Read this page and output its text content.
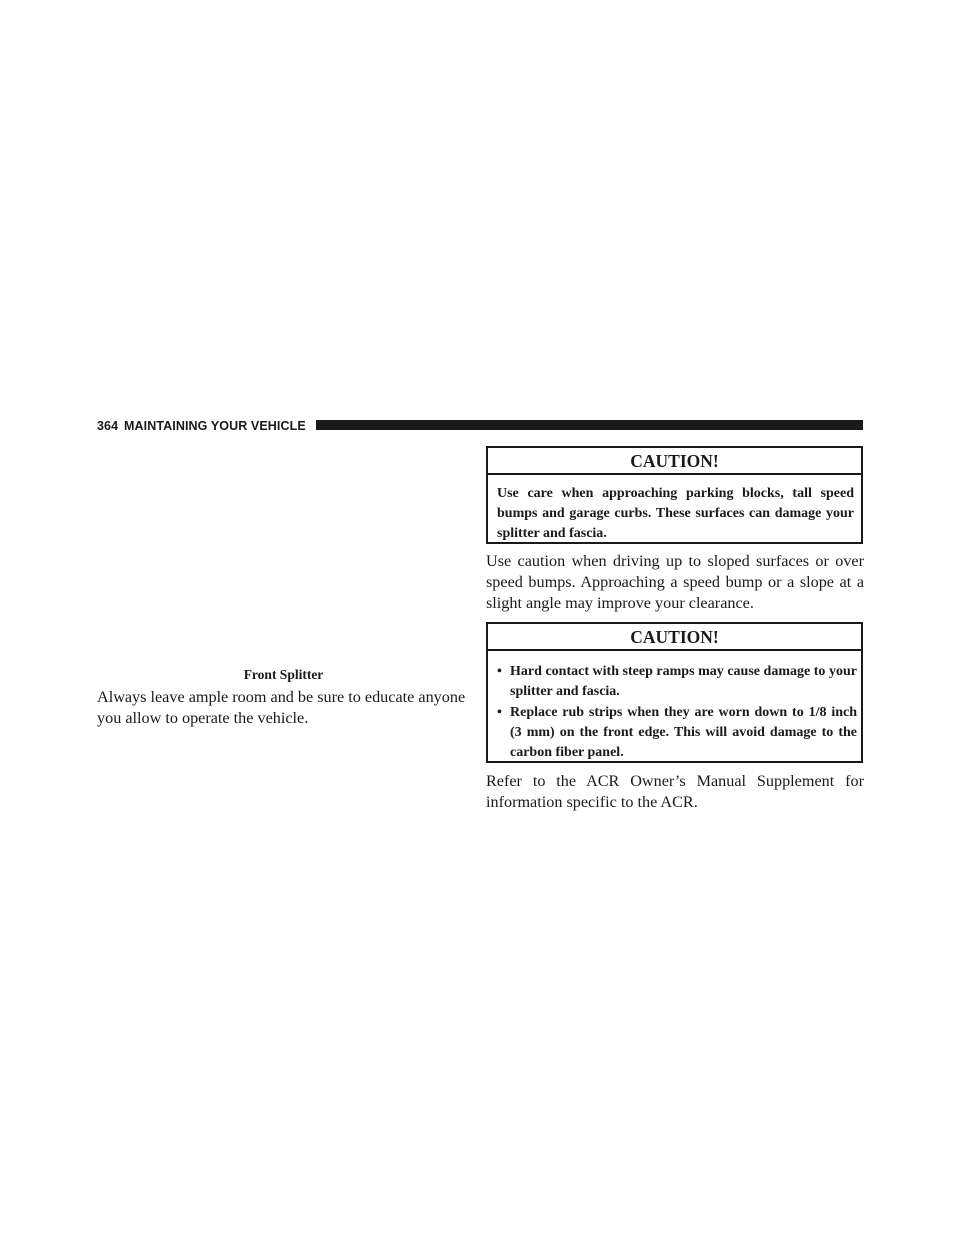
364 MAINTAINING YOUR VEHICLE
Front Splitter

Always leave ample room and be sure to educate anyone you allow to operate the vehicle.

CAUTION!
Use care when approaching parking blocks, tall speed bumps and garage curbs. These surfaces can damage your splitter and fascia.

Use caution when driving up to sloped surfaces or over speed bumps. Approaching a speed bump or a slope at a slight angle may improve your clearance.

CAUTION!
• Hard contact with steep ramps may cause damage to your splitter and fascia.
• Replace rub strips when they are worn down to 1/8 inch (3 mm) on the front edge. This will avoid damage to the carbon fiber panel.

Refer to the ACR Owner’s Manual Supplement for information specific to the ACR.
